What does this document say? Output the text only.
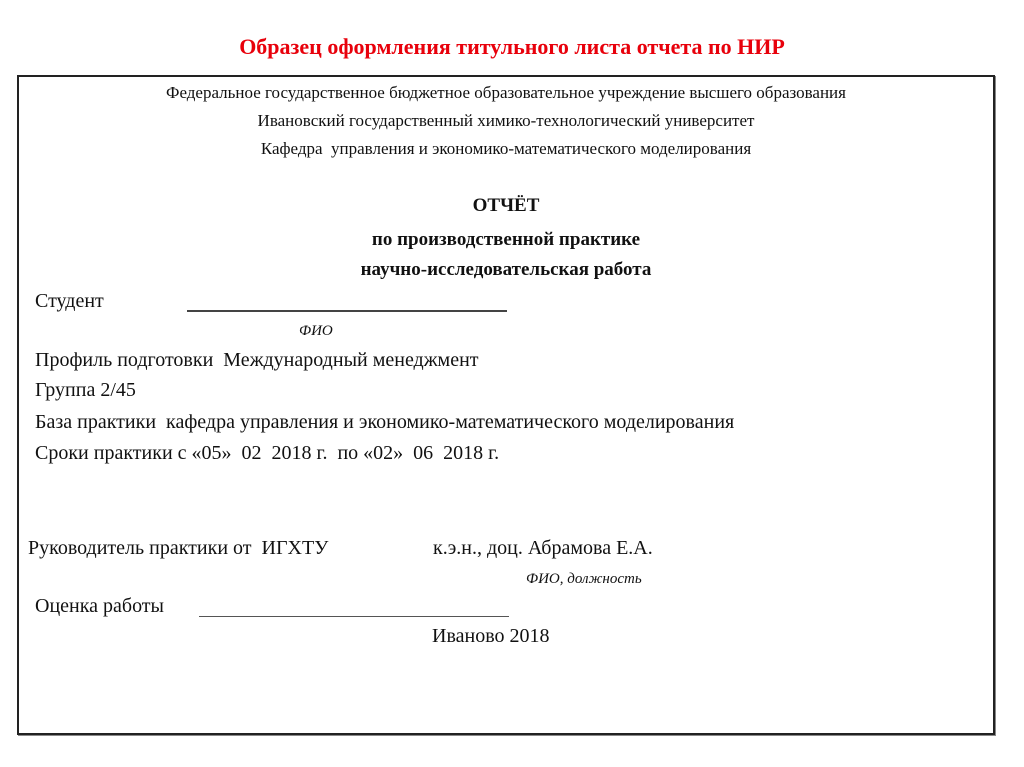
Образец оформления титульного листа отчета по НИР
Федеральное государственное бюджетное образовательное учреждение высшего образования
Ивановский государственный химико-технологический университет
Кафедра  управления и экономико-математического моделирования
ОТЧЁТ
по производственной практике
научно-исследовательская работа
Студент
ФИО
Профиль подготовки  Международный менеджмент
Группа 2/45
База практики  кафедра управления и экономико-математического моделирования
Сроки практики с «05»  02  2018 г.  по «02»  06  2018 г.
Руководитель практики от  ИГХТУ	к.э.н., доц. Абрамова Е.А.
ФИО, должность
Оценка работы
Иваново 2018
